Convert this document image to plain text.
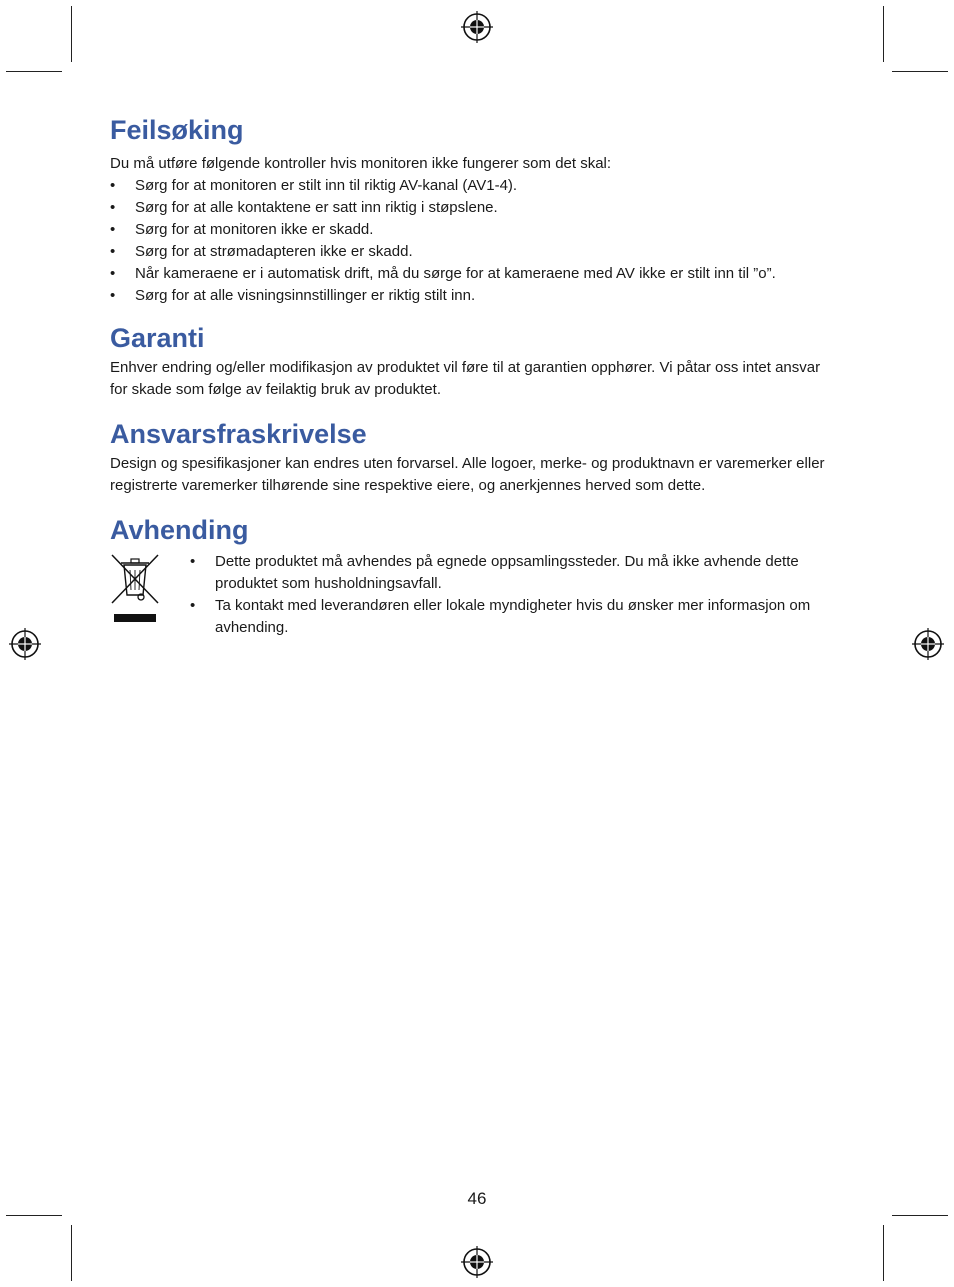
Feilsøking

Du må utføre følgende kontroller hvis monitoren ikke fungerer som det skal:

• Sørg for at monitoren er stilt inn til riktig AV-kanal (AV1-4).
• Sørg for at alle kontaktene er satt inn riktig i støpslene.
• Sørg for at monitoren ikke er skadd.
• Sørg for at strømadapteren ikke er skadd.
• Når kameraene er i automatisk drift, må du sørge for at kameraene med AV ikke er stilt inn til ”ο”.
• Sørg for at alle visningsinnstillinger er riktig stilt inn.
Garanti

Enhver endring og/eller modifikasjon av produktet vil føre til at garantien opphører. Vi påtar oss intet ansvar for skade som følge av feilaktig bruk av produktet.

Ansvarsfraskrivelse

Design og spesifikasjoner kan endres uten forvarsel. Alle logoer, merke- og produktnavn er varemerker eller registrerte varemerker tilhørende sine respektive eiere, og anerkjennes herved som dette.

Avhending
• Dette produktet må avhendes på egnede oppsamlingssteder. Du må ikke avhende dette produktet som husholdningsavfall.
• Ta kontakt med leverandøren eller lokale myndigheter hvis du ønsker mer informasjon om avhending.
46
